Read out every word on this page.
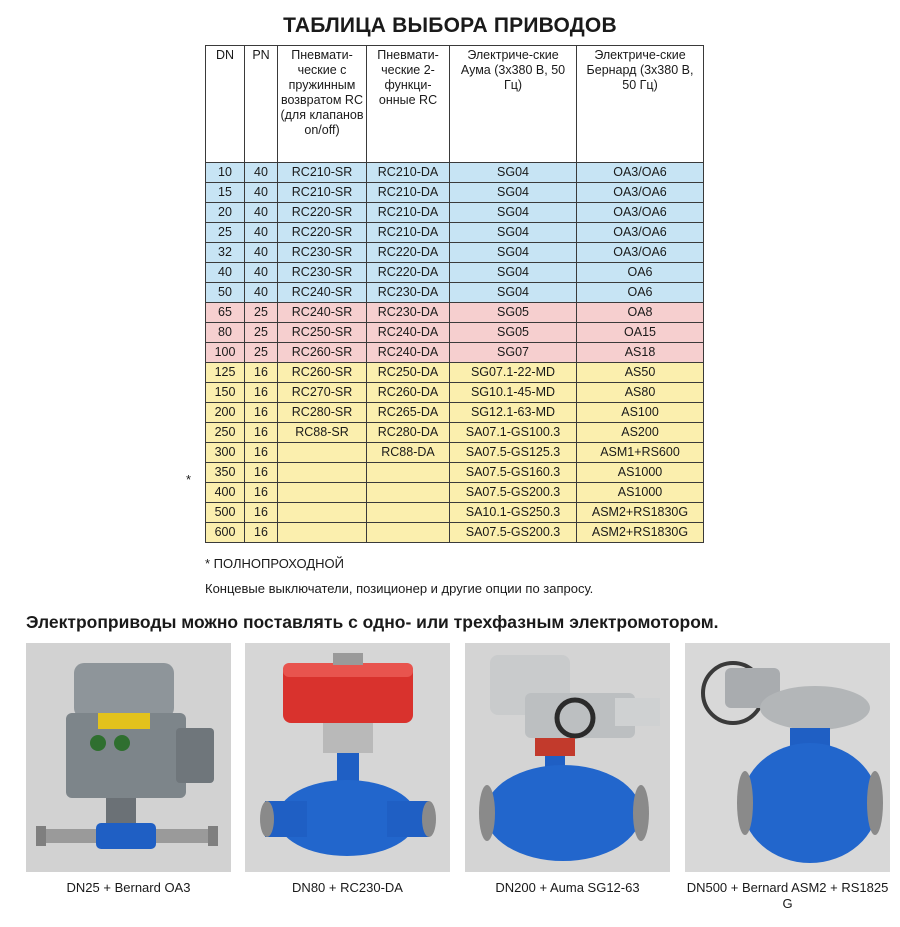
ТАБЛИЦА ВЫБОРА ПРИВОДОВ
DN	PN	Пневмати-ческие с пружинным возвратом RC (для клапанов on/off)	Пневмати-ческие 2-функци-онные RC	Электриче-ские Аума (3х380 В, 50 Гц)	Электриче-ские Бернард (3х380 В, 50 Гц)
10	40	RC210-SR	RC210-DA	SG04	OA3/OA6
15	40	RC210-SR	RC210-DA	SG04	OA3/OA6
20	40	RC220-SR	RC210-DA	SG04	OA3/OA6
25	40	RC220-SR	RC210-DA	SG04	OA3/OA6
32	40	RC230-SR	RC220-DA	SG04	OA3/OA6
40	40	RC230-SR	RC220-DA	SG04	OA6
50	40	RC240-SR	RC230-DA	SG04	OA6
65	25	RC240-SR	RC230-DA	SG05	OA8
80	25	RC250-SR	RC240-DA	SG05	OA15
100	25	RC260-SR	RC240-DA	SG07	AS18
125	16	RC260-SR	RC250-DA	SG07.1-22-MD	AS50
150	16	RC270-SR	RC260-DA	SG10.1-45-MD	AS80
200	16	RC280-SR	RC265-DA	SG12.1-63-MD	AS100
250	16	RC88-SR	RC280-DA	SA07.1-GS100.3	AS200
300	16		RC88-DA	SA07.5-GS125.3	ASM1+RS600
350	16			SA07.5-GS160.3	AS1000
400	16			SA07.5-GS200.3	AS1000
500	16			SA10.1-GS250.3	ASM2+RS1830G
600	16			SA07.5-GS200.3	ASM2+RS1830G
*
* ПОЛНОПРОХОДНОЙ
Концевые выключатели, позиционер и другие опции по запросу.
Электроприводы можно поставлять с одно- или трехфазным электромотором.
DN25 + Bernard OA3	DN80 + RC230-DA	DN200 + Auma SG12-63	DN500 + Bernard ASM2 + RS1825 G
